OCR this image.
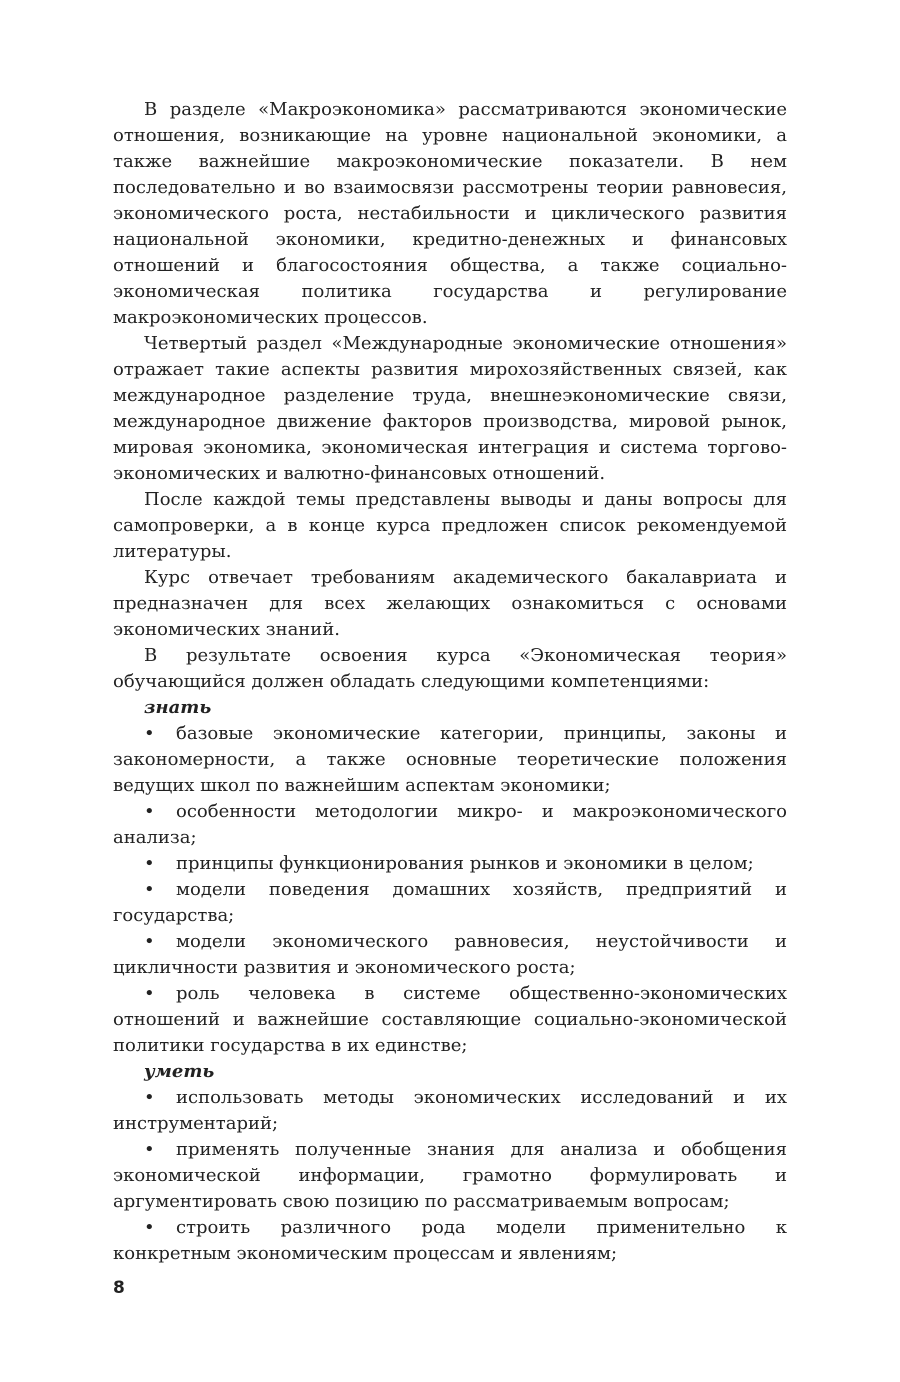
В разделе «Макроэкономика» рассматриваются экономические отношения, возникающие на уровне национальной экономики, а также важнейшие макроэкономические показатели. В нем последовательно и во взаимосвязи рассмотрены теории равновесия, экономического роста, нестабильности и циклического развития национальной экономики, кредитно-денежных и финансовых отношений и благосостояния общества, а также социально-экономическая политика государства и регулирование макроэкономических процессов.

Четвертый раздел «Международные экономические отношения» отражает такие аспекты развития мирохозяйственных связей, как международное разделение труда, внешнеэкономические связи, международное движение факторов производства, мировой рынок, мировая экономика, экономическая интеграция и система торгово-экономических и валютно-финансовых отношений.

После каждой темы представлены выводы и даны вопросы для самопроверки, а в конце курса предложен список рекомендуемой литературы.

Курс отвечает требованиям академического бакалавриата и предназначен для всех желающих ознакомиться с основами экономических знаний.

В результате освоения курса «Экономическая теория» обучающийся должен обладать следующими компетенциями:

знать

• базовые экономические категории, принципы, законы и закономерности, а также основные теоретические положения ведущих школ по важнейшим аспектам экономики;

• особенности методологии микро- и макроэкономического анализа;

• принципы функционирования рынков и экономики в целом;

• модели поведения домашних хозяйств, предприятий и государства;

• модели экономического равновесия, неустойчивости и цикличности развития и экономического роста;

• роль человека в системе общественно-экономических отношений и важнейшие составляющие социально-экономической политики государства в их единстве;

уметь

• использовать методы экономических исследований и их инструментарий;

• применять полученные знания для анализа и обобщения экономической информации, грамотно формулировать и аргументировать свою позицию по рассматриваемым вопросам;

• строить различного рода модели применительно к конкретным экономическим процессам и явлениям;

8
